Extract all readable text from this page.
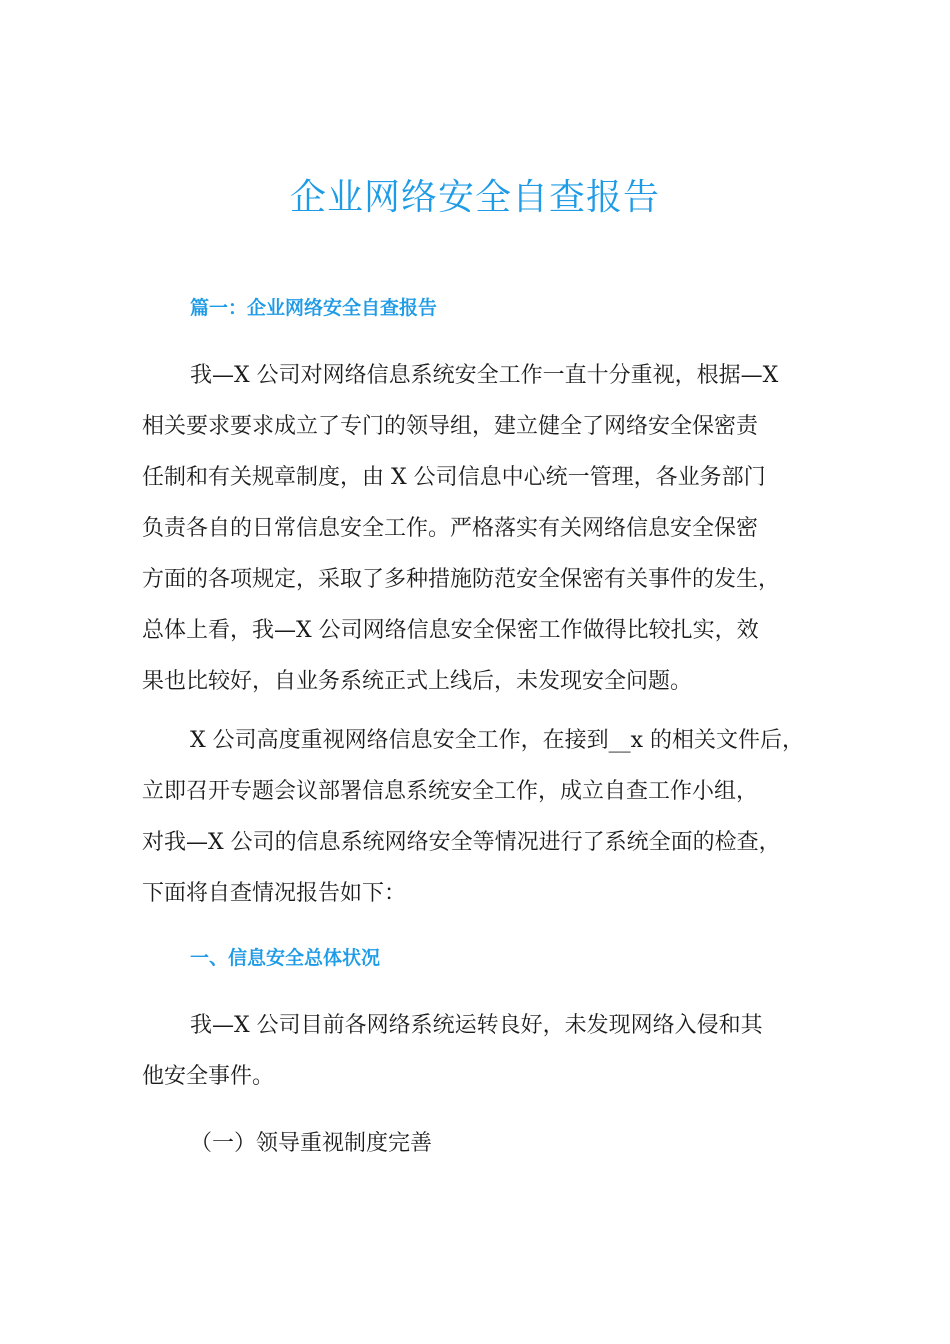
企业网络安全自查报告
篇一：企业网络安全自查报告
我—X 公司对网络信息系统安全工作一直十分重视，根据—X
相关要求要求成立了专门的领导组，建立健全了网络安全保密责
任制和有关规章制度，由 X 公司信息中心统一管理，各业务部门
负责各自的日常信息安全工作。严格落实有关网络信息安全保密
方面的各项规定，采取了多种措施防范安全保密有关事件的发生，
总体上看，我—X 公司网络信息安全保密工作做得比较扎实，效
果也比较好，自业务系统正式上线后，未发现安全问题。
X 公司高度重视网络信息安全工作，在接到__x 的相关文件后，
立即召开专题会议部署信息系统安全工作，成立自查工作小组，
对我—X 公司的信息系统网络安全等情况进行了系统全面的检查，
下面将自查情况报告如下：
一、信息安全总体状况
我—X 公司目前各网络系统运转良好，未发现网络入侵和其
他安全事件。
（一）领导重视制度完善
